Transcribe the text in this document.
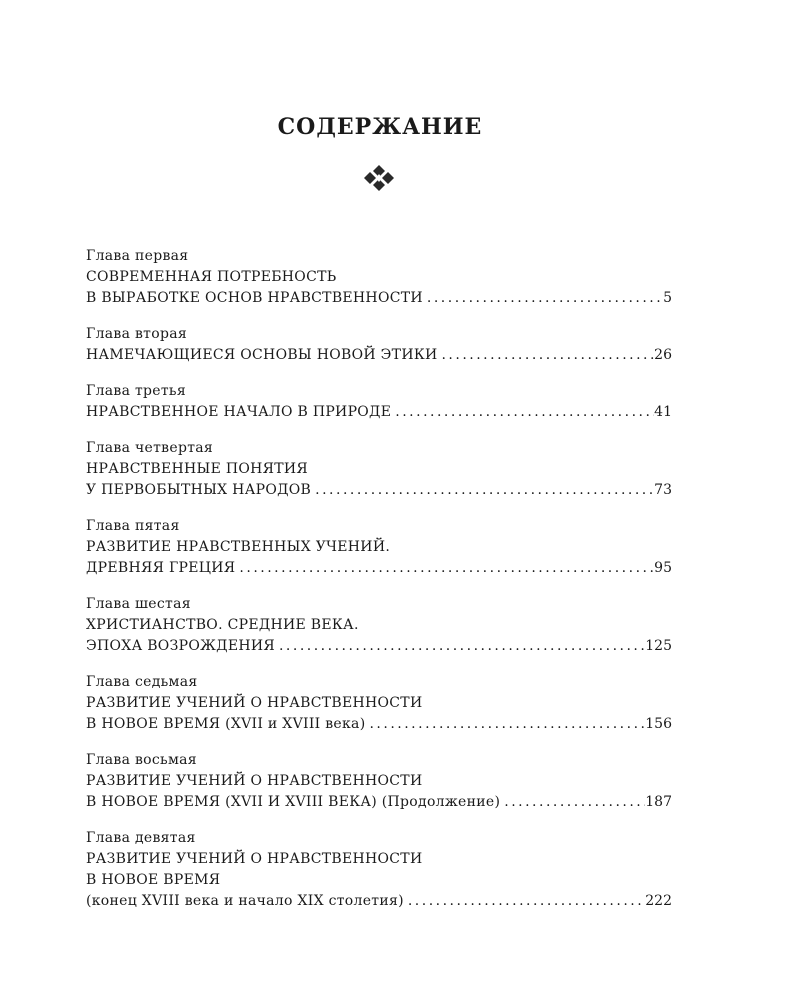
СОДЕРЖАНИЕ
Глава первая
СОВРЕМЕННАЯ ПОТРЕБНОСТЬ
В ВЫРАБОТКЕ ОСНОВ НРАВСТВЕННОСТИ .....	5
Глава вторая
НАМЕЧАЮЩИЕСЯ ОСНОВЫ НОВОЙ ЭТИКИ .....	26
Глава третья
НРАВСТВЕННОЕ НАЧАЛО В ПРИРОДЕ .....	41
Глава четвертая
НРАВСТВЕННЫЕ ПОНЯТИЯ
У ПЕРВОБЫТНЫХ НАРОДОВ .....	73
Глава пятая
РАЗВИТИЕ НРАВСТВЕННЫХ УЧЕНИЙ.
ДРЕВНЯЯ ГРЕЦИЯ .....	95
Глава шестая
ХРИСТИАНСТВО. СРЕДНИЕ ВЕКА.
ЭПОХА ВОЗРОЖДЕНИЯ .....	125
Глава седьмая
РАЗВИТИЕ УЧЕНИЙ О НРАВСТВЕННОСТИ
В НОВОЕ ВРЕМЯ (XVII и XVIII века) .....	156
Глава восьмая
РАЗВИТИЕ УЧЕНИЙ О НРАВСТВЕННОСТИ
В НОВОЕ ВРЕМЯ (XVII И XVIII ВЕКА) (Продолжение) .....	187
Глава девятая
РАЗВИТИЕ УЧЕНИЙ О НРАВСТВЕННОСТИ
В НОВОЕ ВРЕМЯ
(конец XVIII века и начало XIX столетия) .....	222
